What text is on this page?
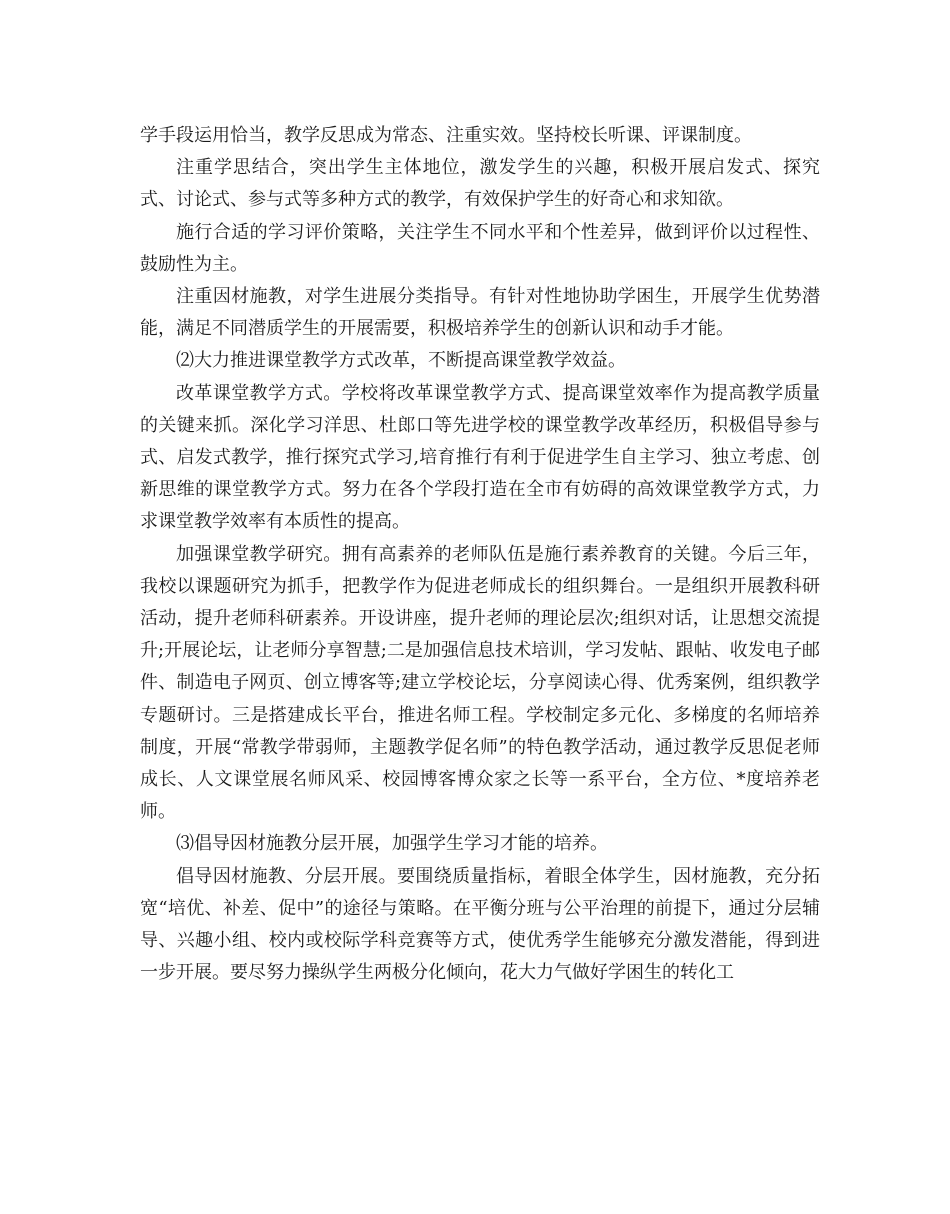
学手段运用恰当，教学反思成为常态、注重实效。坚持校长听课、评课制度。

注重学思结合，突出学生主体地位，激发学生的兴趣，积极开展启发式、探究式、讨论式、参与式等多种方式的教学，有效保护学生的好奇心和求知欲。

施行合适的学习评价策略，关注学生不同水平和个性差异，做到评价以过程性、鼓励性为主。

注重因材施教，对学生进展分类指导。有针对性地协助学困生，开展学生优势潜能，满足不同潜质学生的开展需要，积极培养学生的创新认识和动手才能。

⑵大力推进课堂教学方式改革，不断提高课堂教学效益。

改革课堂教学方式。学校将改革课堂教学方式、提高课堂效率作为提高教学质量的关键来抓。深化学习洋思、杜郎口等先进学校的课堂教学改革经历，积极倡导参与式、启发式教学，推行探究式学习,培育推行有利于促进学生自主学习、独立考虑、创新思维的课堂教学方式。努力在各个学段打造在全市有妨碍的高效课堂教学方式，力求课堂教学效率有本质性的提高。

加强课堂教学研究。拥有高素养的老师队伍是施行素养教育的关键。今后三年，我校以课题研究为抓手，把教学作为促进老师成长的组织舞台。一是组织开展教科研活动，提升老师科研素养。开设讲座，提升老师的理论层次;组织对话，让思想交流提升;开展论坛，让老师分享智慧;二是加强信息技术培训，学习发帖、跟帖、收发电子邮件、制造电子网页、创立博客等;建立学校论坛，分享阅读心得、优秀案例，组织教学专题研讨。三是搭建成长平台，推进名师工程。学校制定多元化、多梯度的名师培养制度，开展“常教学带弱师，主题教学促名师”的特色教学活动，通过教学反思促老师成长、人文课堂展名师风采、校园博客博众家之长等一系平台，全方位、*度培养老师。

⑶倡导因材施教分层开展，加强学生学习才能的培养。

倡导因材施教、分层开展。要围绕质量指标，着眼全体学生，因材施教，充分拓宽“培优、补差、促中”的途径与策略。在平衡分班与公平治理的前提下，通过分层辅导、兴趣小组、校内或校际学科竞赛等方式，使优秀学生能够充分激发潜能，得到进一步开展。要尽努力操纵学生两极分化倾向，花大力气做好学困生的转化工
